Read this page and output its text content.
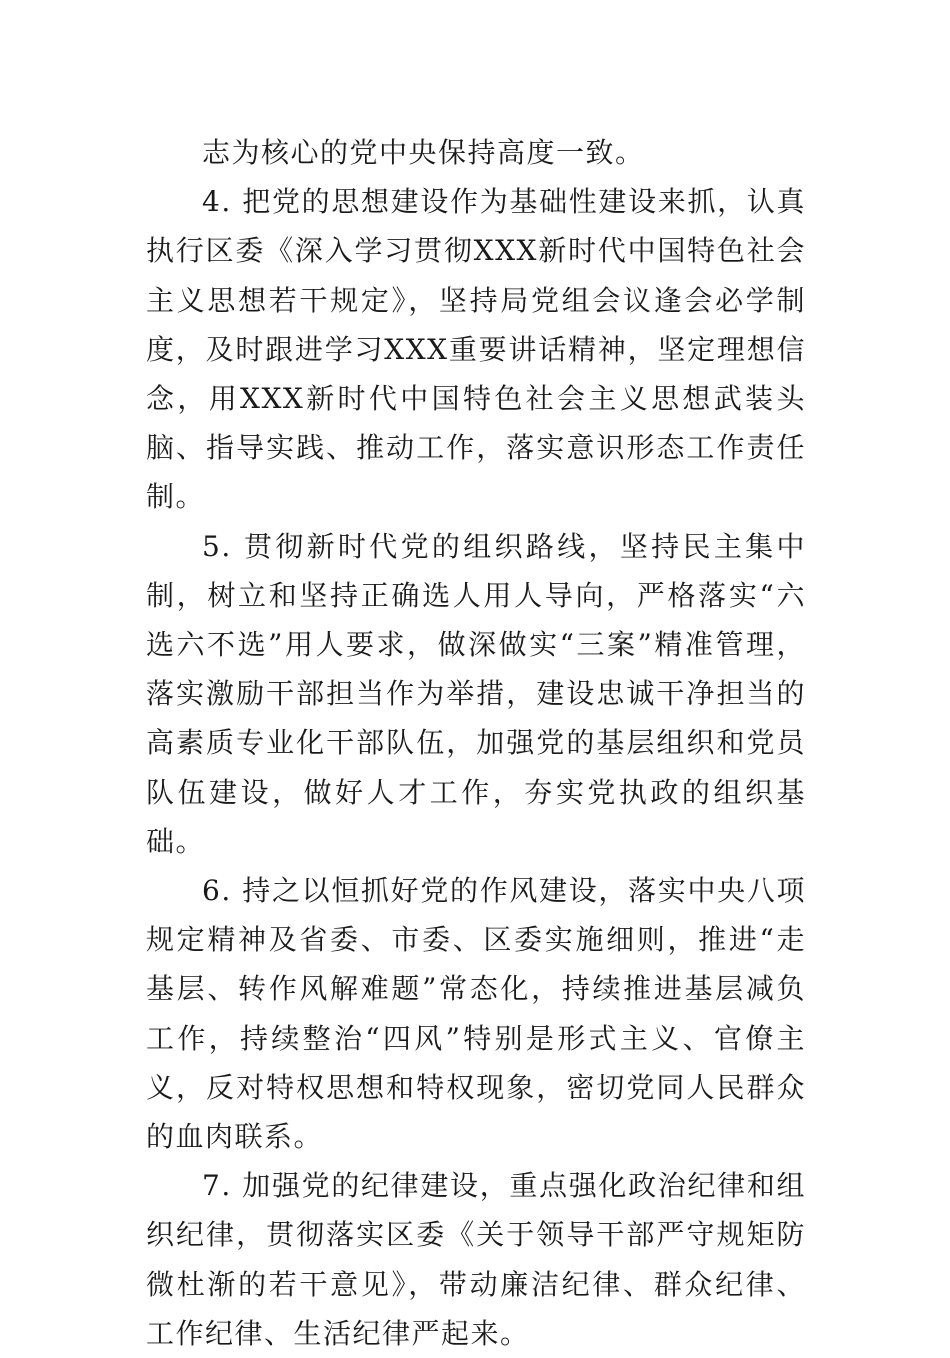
志为核心的党中央保持高度一致。

4. 把党的思想建设作为基础性建设来抓，认真执行区委《深入学习贯彻XXX新时代中国特色社会主义思想若干规定》，坚持局党组会议逢会必学制度，及时跟进学习XXX重要讲话精神，坚定理想信念，用XXX新时代中国特色社会主义思想武装头脑、指导实践、推动工作，落实意识形态工作责任制。

5. 贯彻新时代党的组织路线，坚持民主集中制，树立和坚持正确选人用人导向，严格落实“六选六不选”用人要求，做深做实“三案”精准管理，落实激励干部担当作为举措，建设忠诚干净担当的高素质专业化干部队伍，加强党的基层组织和党员队伍建设，做好人才工作，夯实党执政的组织基础。

6. 持之以恒抓好党的作风建设，落实中央八项规定精神及省委、市委、区委实施细则，推进“走基层、转作风解难题”常态化，持续推进基层减负工作，持续整治“四风”特别是形式主义、官僚主义，反对特权思想和特权现象，密切党同人民群众的血肉联系。

7. 加强党的纪律建设，重点强化政治纪律和组织纪律，贯彻落实区委《关于领导干部严守规矩防微杜渐的若干意见》，带动廉洁纪律、群众纪律、工作纪律、生活纪律严起来。
